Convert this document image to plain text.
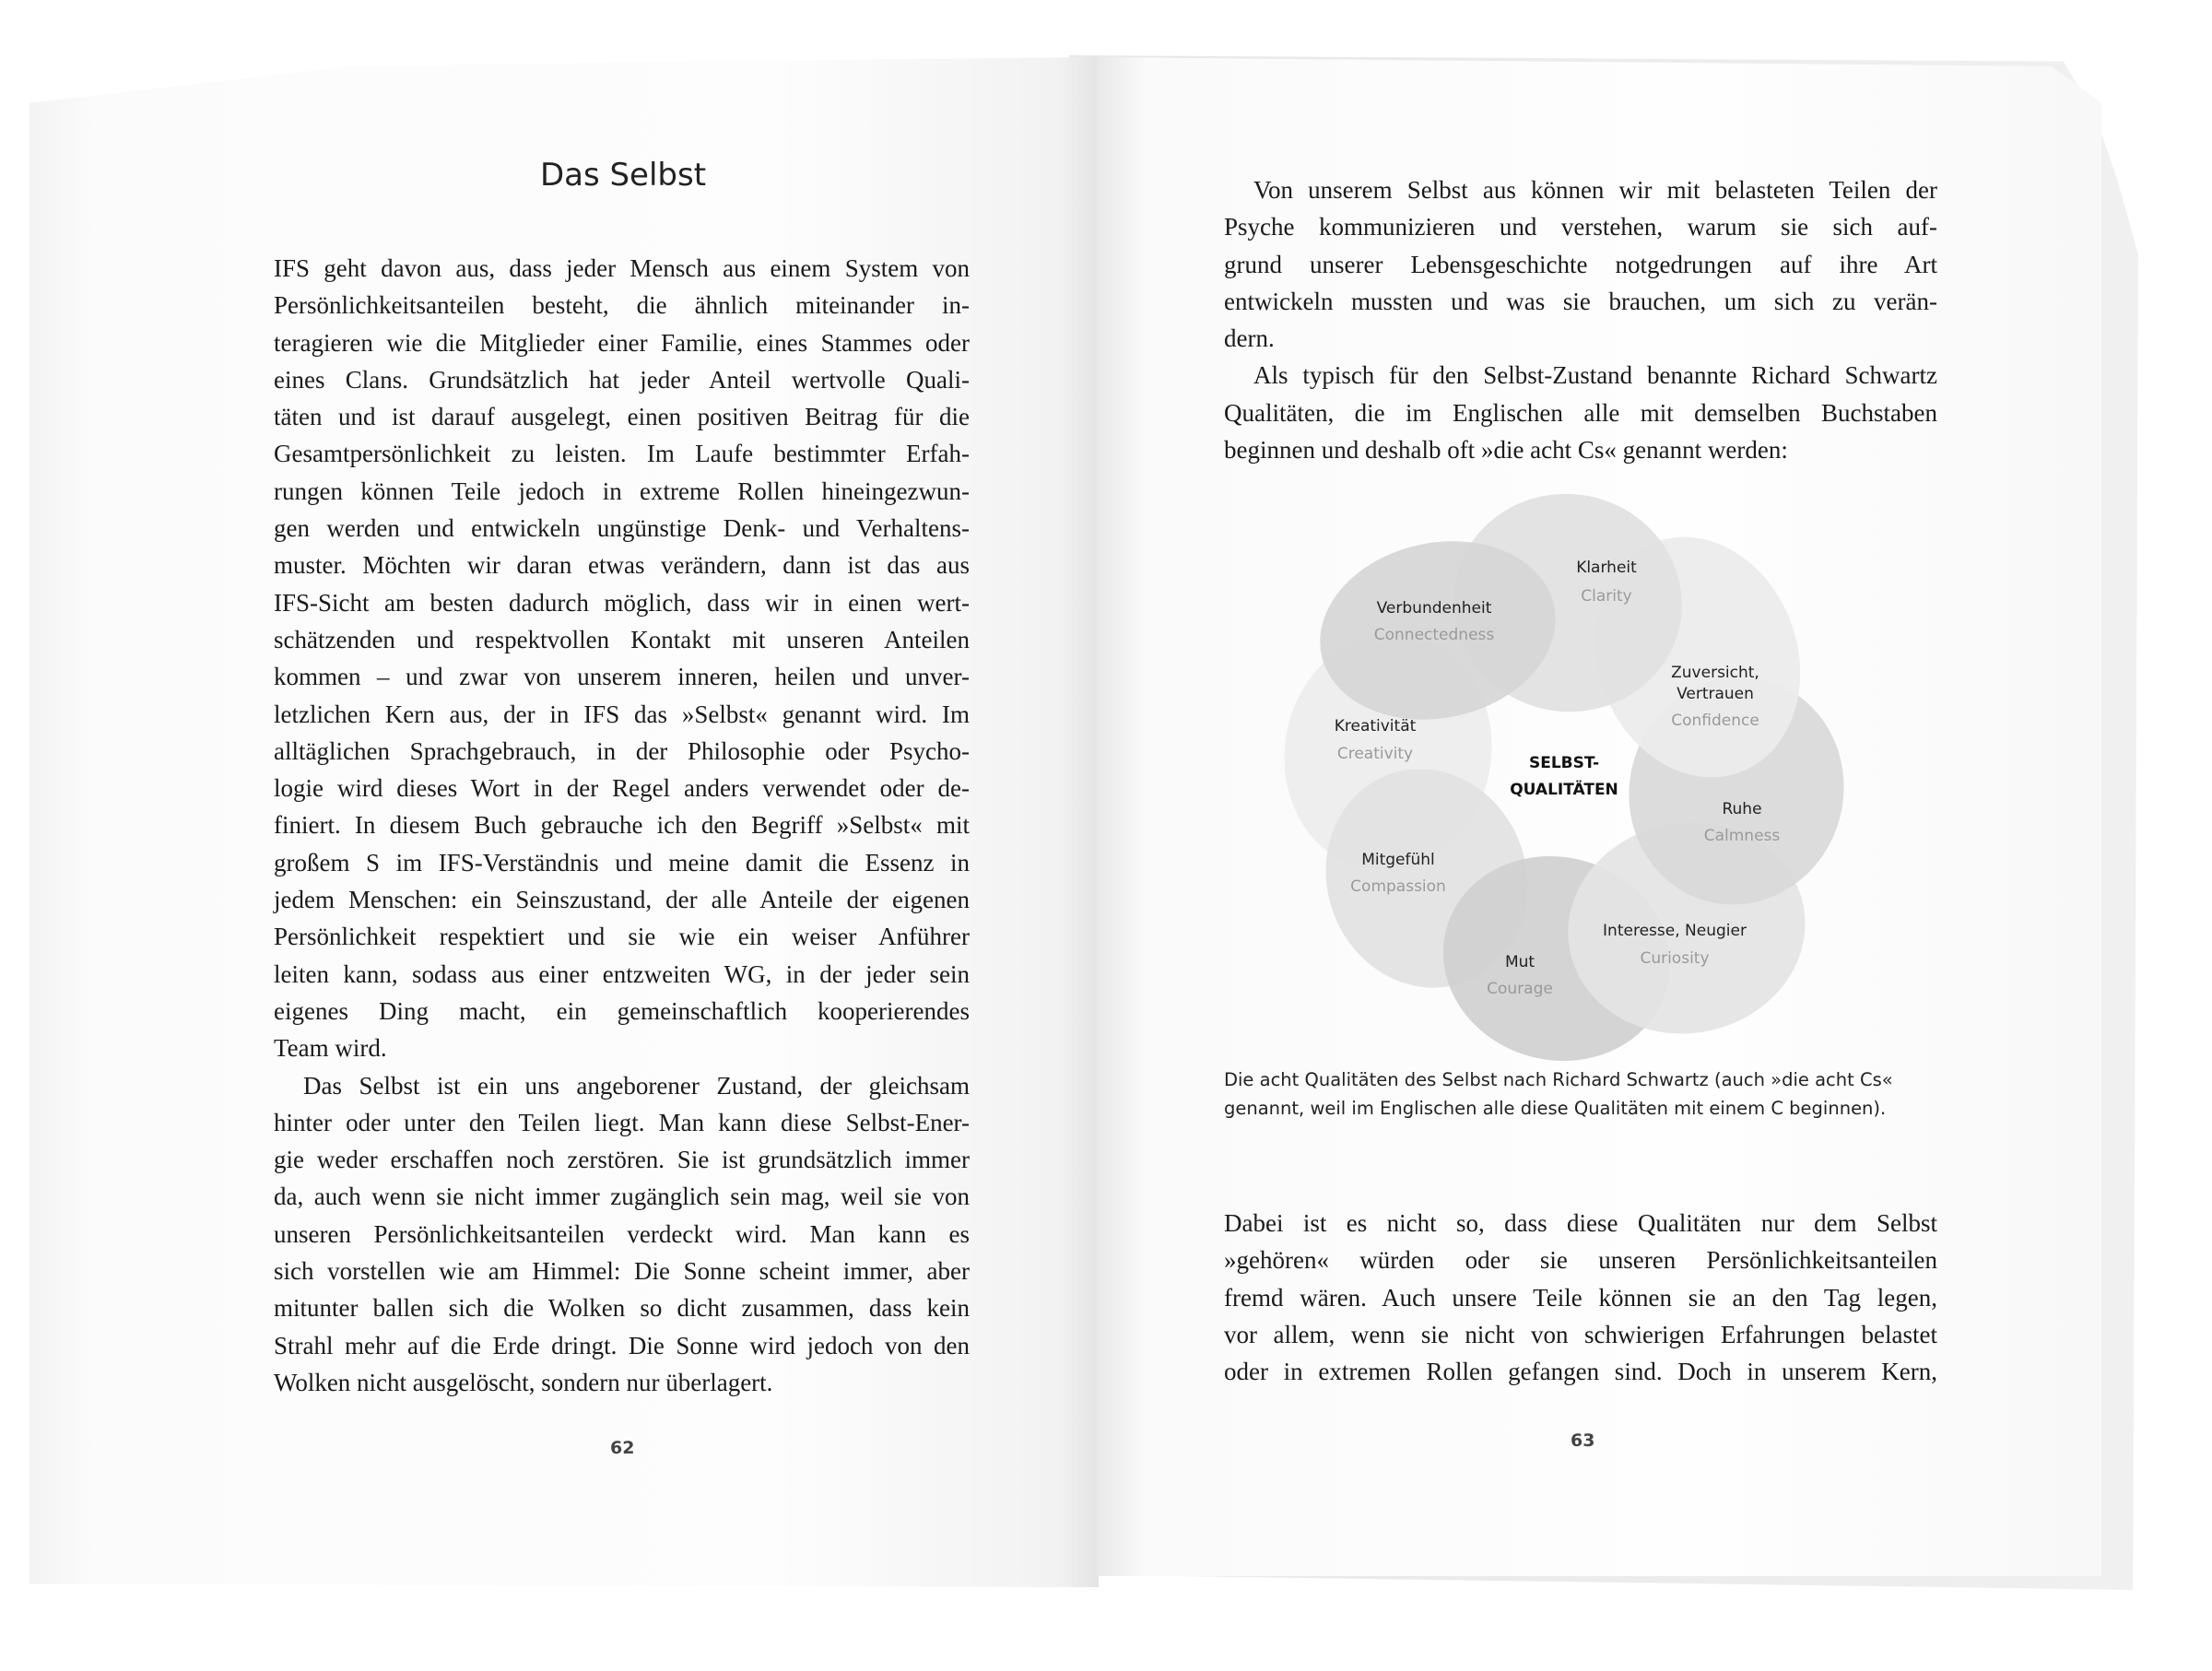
Das Selbst
IFS geht davon aus, dass jeder Mensch aus einem System von
Persönlichkeitsanteilen besteht, die ähnlich miteinander in-
teragieren wie die Mitglieder einer Familie, eines Stammes oder
eines Clans. Grundsätzlich hat jeder Anteil wertvolle Quali-
täten und ist darauf ausgelegt, einen positiven Beitrag für die
Gesamtpersönlichkeit zu leisten. Im Laufe bestimmter Erfah-
rungen können Teile jedoch in extreme Rollen hineingezwun-
gen werden und entwickeln ungünstige Denk- und Verhaltens-
muster. Möchten wir daran etwas verändern, dann ist das aus
IFS-Sicht am besten dadurch möglich, dass wir in einen wert-
schätzenden und respektvollen Kontakt mit unseren Anteilen
kommen – und zwar von unserem inneren, heilen und unver-
letzlichen Kern aus, der in IFS das »Selbst« genannt wird. Im
alltäglichen Sprachgebrauch, in der Philosophie oder Psycho-
logie wird dieses Wort in der Regel anders verwendet oder de-
finiert. In diesem Buch gebrauche ich den Begriff »Selbst« mit
großem S im IFS-Verständnis und meine damit die Essenz in
jedem Menschen: ein Seinszustand, der alle Anteile der eigenen
Persönlichkeit respektiert und sie wie ein weiser Anführer
leiten kann, sodass aus einer entzweiten WG, in der jeder sein
eigenes Ding macht, ein gemeinschaftlich kooperierendes
Team wird.
Das Selbst ist ein uns angeborener Zustand, der gleichsam
hinter oder unter den Teilen liegt. Man kann diese Selbst-Ener-
gie weder erschaffen noch zerstören. Sie ist grundsätzlich immer
da, auch wenn sie nicht immer zugänglich sein mag, weil sie von
unseren Persönlichkeitsanteilen verdeckt wird. Man kann es
sich vorstellen wie am Himmel: Die Sonne scheint immer, aber
mitunter ballen sich die Wolken so dicht zusammen, dass kein
Strahl mehr auf die Erde dringt. Die Sonne wird jedoch von den
Wolken nicht ausgelöscht, sondern nur überlagert.
62
Von unserem Selbst aus können wir mit belasteten Teilen der
Psyche kommunizieren und verstehen, warum sie sich auf-
grund unserer Lebensgeschichte notgedrungen auf ihre Art
entwickeln mussten und was sie brauchen, um sich zu verän-
dern.
Als typisch für den Selbst-Zustand benannte Richard Schwartz
Qualitäten, die im Englischen alle mit demselben Buchstaben
beginnen und deshalb oft »die acht Cs« genannt werden:
Verbundenheit
Connectedness
Klarheit
Clarity
Zuversicht,
Vertrauen
Confidence
Ruhe
Calmness
Interesse, Neugier
Curiosity
Mut
Courage
Mitgefühl
Compassion
Kreativität
Creativity	SELBST-
QUALITÄTEN
Die acht Qualitäten des Selbst nach Richard Schwartz (auch »die acht Cs«
genannt, weil im Englischen alle diese Qualitäten mit einem C beginnen).
Dabei ist es nicht so, dass diese Qualitäten nur dem Selbst
»gehören« würden oder sie unseren Persönlichkeitsanteilen
fremd wären. Auch unsere Teile können sie an den Tag legen,
vor allem, wenn sie nicht von schwierigen Erfahrungen belastet
oder in extremen Rollen gefangen sind. Doch in unserem Kern,
63
